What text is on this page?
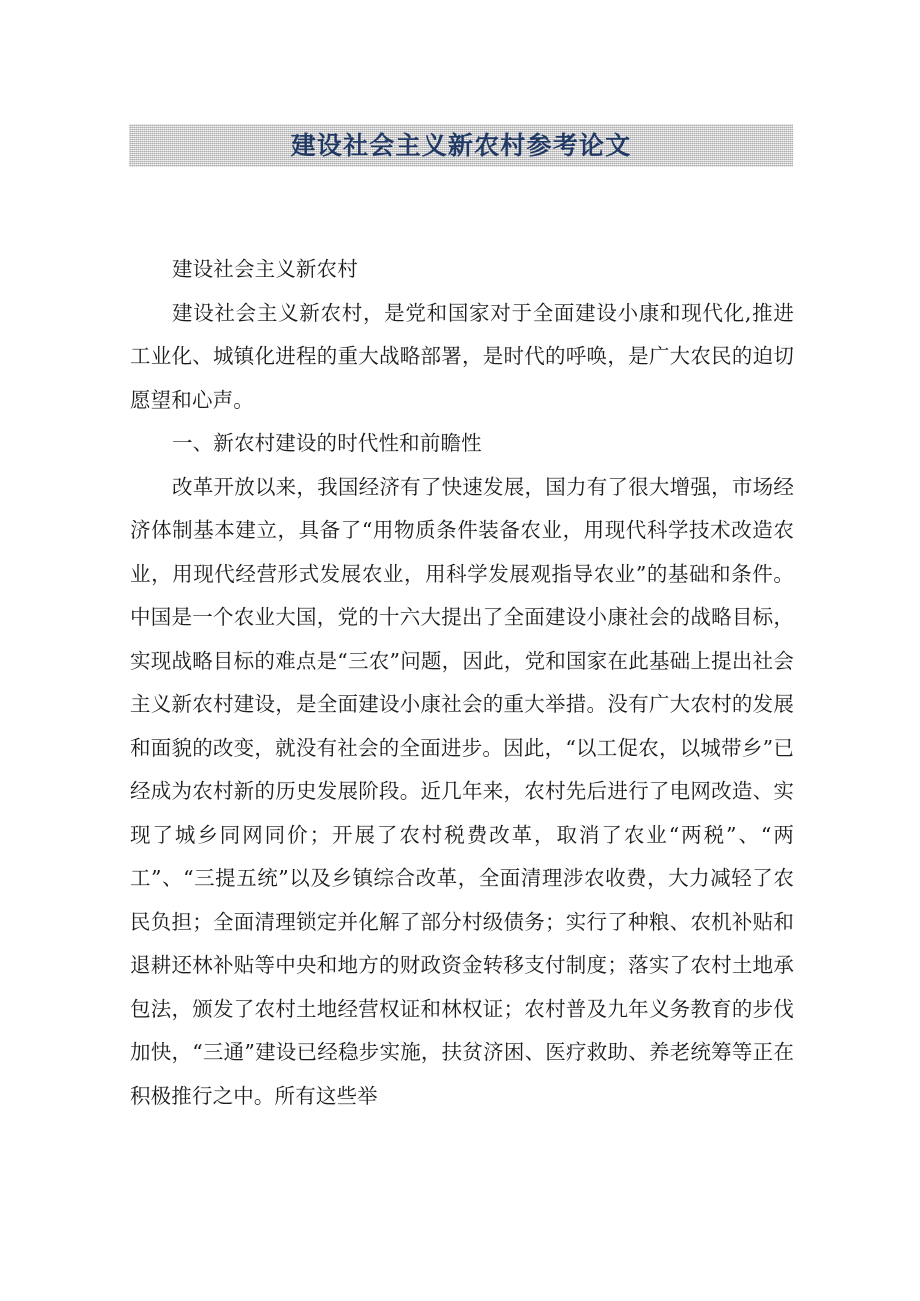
建设社会主义新农村参考论文

建设社会主义新农村

建设社会主义新农村，是党和国家对于全面建设小康和现代化,推进工业化、城镇化进程的重大战略部署，是时代的呼唤，是广大农民的迫切愿望和心声。

一、新农村建设的时代性和前瞻性

改革开放以来，我国经济有了快速发展，国力有了很大增强，市场经济体制基本建立，具备了“用物质条件装备农业，用现代科学技术改造农业，用现代经营形式发展农业，用科学发展观指导农业”的基础和条件。中国是一个农业大国，党的十六大提出了全面建设小康社会的战略目标，实现战略目标的难点是“三农”问题，因此，党和国家在此基础上提出社会主义新农村建设，是全面建设小康社会的重大举措。没有广大农村的发展和面貌的改变，就没有社会的全面进步。因此，“以工促农，以城带乡”已经成为农村新的历史发展阶段。近几年来，农村先后进行了电网改造、实现了城乡同网同价；开展了农村税费改革，取消了农业“两税”、“两工”、“三提五统”以及乡镇综合改革，全面清理涉农收费，大力减轻了农民负担；全面清理锁定并化解了部分村级债务；实行了种粮、农机补贴和退耕还林补贴等中央和地方的财政资金转移支付制度；落实了农村土地承包法，颁发了农村土地经营权证和林权证；农村普及九年义务教育的步伐加快，“三通”建设已经稳步实施，扶贫济困、医疗救助、养老统筹等正在积极推行之中。所有这些举
